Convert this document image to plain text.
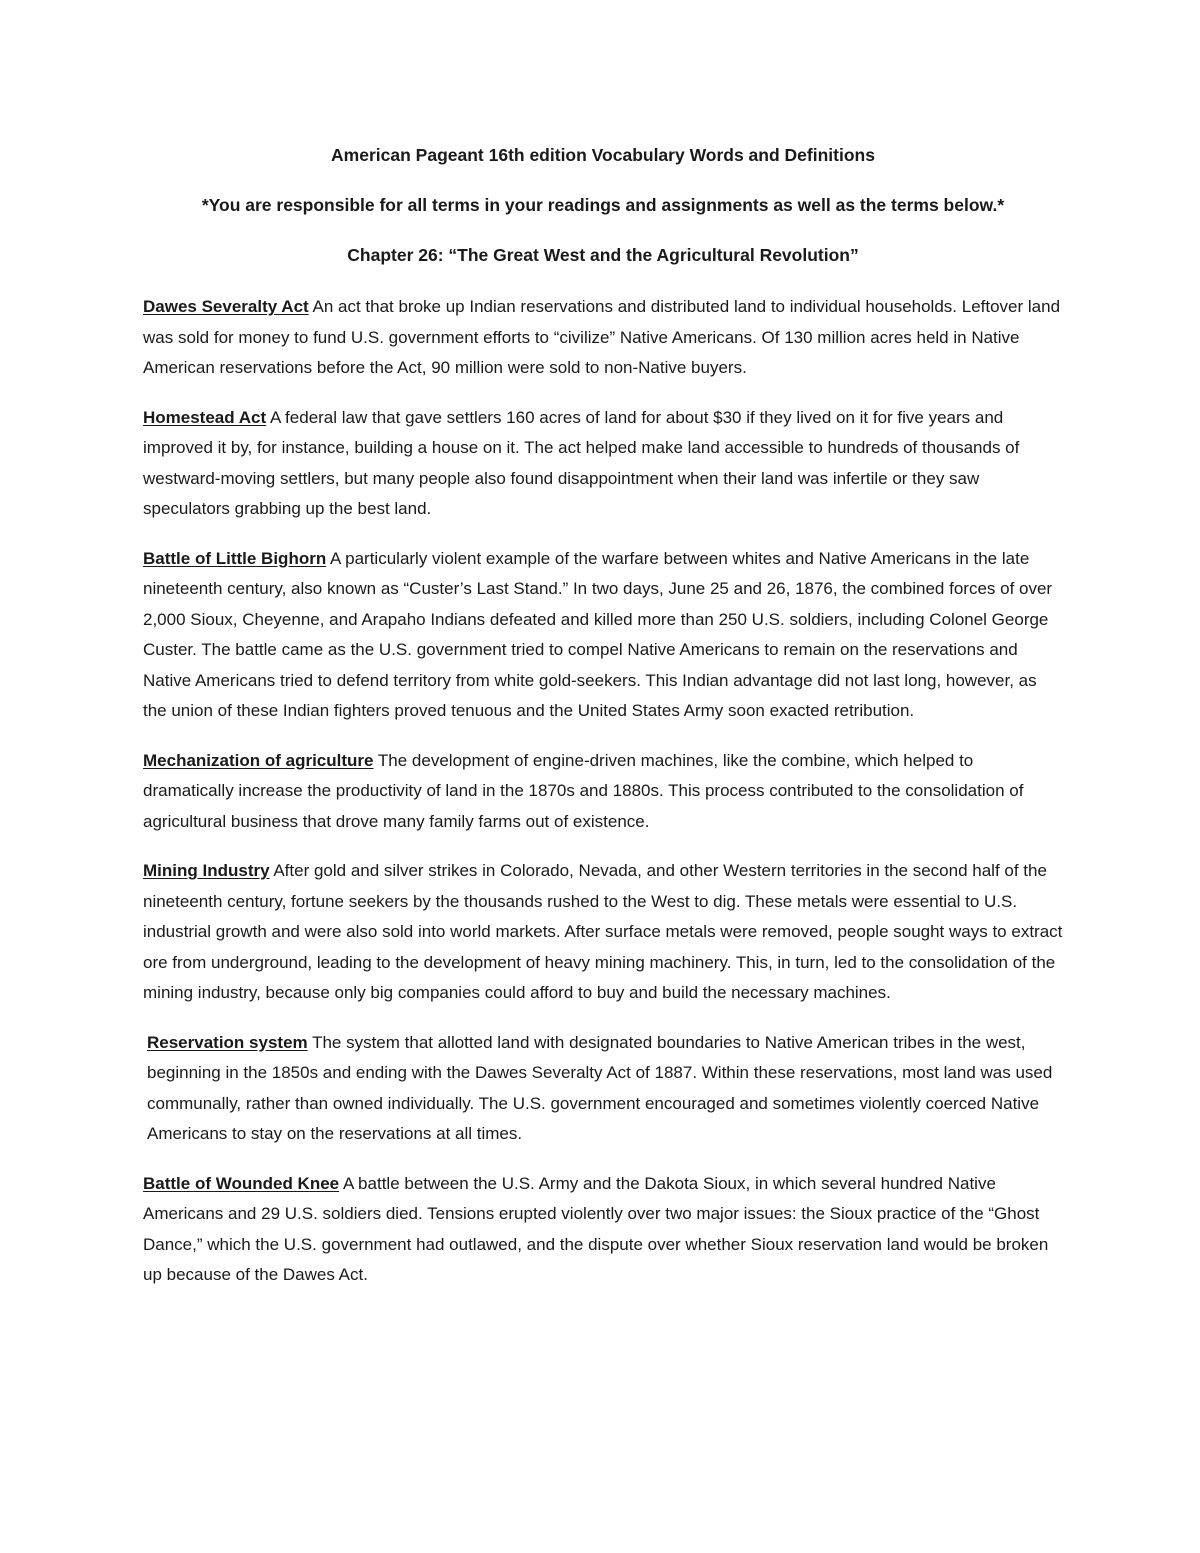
American Pageant 16th edition Vocabulary Words and Definitions

*You are responsible for all terms in your readings and assignments as well as the terms below.*

Chapter 26: “The Great West and the Agricultural Revolution”

Dawes Severalty Act An act that broke up Indian reservations and distributed land to individual households. Leftover land was sold for money to fund U.S. government efforts to “civilize” Native Americans. Of 130 million acres held in Native American reservations before the Act, 90 million were sold to non-Native buyers.

Homestead Act A federal law that gave settlers 160 acres of land for about $30 if they lived on it for five years and improved it by, for instance, building a house on it. The act helped make land accessible to hundreds of thousands of westward-moving settlers, but many people also found disappointment when their land was infertile or they saw speculators grabbing up the best land.

Battle of Little Bighorn A particularly violent example of the warfare between whites and Native Americans in the late nineteenth century, also known as “Custer’s Last Stand.” In two days, June 25 and 26, 1876, the combined forces of over 2,000 Sioux, Cheyenne, and Arapaho Indians defeated and killed more than 250 U.S. soldiers, including Colonel George Custer. The battle came as the U.S. government tried to compel Native Americans to remain on the reservations and Native Americans tried to defend territory from white gold-seekers. This Indian advantage did not last long, however, as the union of these Indian fighters proved tenuous and the United States Army soon exacted retribution.

Mechanization of agriculture The development of engine-driven machines, like the combine, which helped to dramatically increase the productivity of land in the 1870s and 1880s. This process contributed to the consolidation of agricultural business that drove many family farms out of existence.

Mining Industry After gold and silver strikes in Colorado, Nevada, and other Western territories in the second half of the nineteenth century, fortune seekers by the thousands rushed to the West to dig. These metals were essential to U.S. industrial growth and were also sold into world markets. After surface metals were removed, people sought ways to extract ore from underground, leading to the development of heavy mining machinery. This, in turn, led to the consolidation of the mining industry, because only big companies could afford to buy and build the necessary machines.

Reservation system The system that allotted land with designated boundaries to Native American tribes in the west, beginning in the 1850s and ending with the Dawes Severalty Act of 1887. Within these reservations, most land was used communally, rather than owned individually. The U.S. government encouraged and sometimes violently coerced Native Americans to stay on the reservations at all times.

Battle of Wounded Knee A battle between the U.S. Army and the Dakota Sioux, in which several hundred Native Americans and 29 U.S. soldiers died. Tensions erupted violently over two major issues: the Sioux practice of the “Ghost Dance,” which the U.S. government had outlawed, and the dispute over whether Sioux reservation land would be broken up because of the Dawes Act.
